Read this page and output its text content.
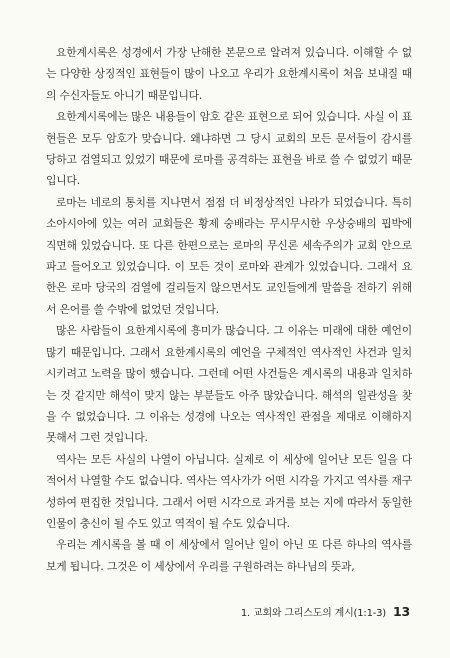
요한계시록은 성경에서 가장 난해한 본문으로 알려져 있습니다. 이해할 수 없는 다양한 상징적인 표현들이 많이 나오고 우리가 요한계시록이 처음 보내질 때의 수신자들도 아니기 때문입니다.

요한계시록에는 많은 내용들이 암호 같은 표현으로 되어 있습니다. 사실 이 표현들은 모두 암호가 맞습니다. 왜냐하면 그 당시 교회의 모든 문서들이 감시를 당하고 검열되고 있었기 때문에 로마를 공격하는 표현을 바로 쓸 수 없었기 때문입니다.

로마는 네로의 통치를 지나면서 점점 더 비정상적인 나라가 되었습니다. 특히 소아시아에 있는 여러 교회들은 황제 숭배라는 무시무시한 우상숭배의 핍박에 직면해 있었습니다. 또 다른 한편으로는 로마의 무신론 세속주의가 교회 안으로 파고 들어오고 있었습니다. 이 모든 것이 로마와 관계가 있었습니다. 그래서 요한은 로마 당국의 검열에 걸리들지 않으면서도 교인들에게 말씀을 전하기 위해서 은어를 쓸 수밖에 없었던 것입니다.

많은 사람들이 요한계시록에 흥미가 많습니다. 그 이유는 미래에 대한 예언이 많기 때문입니다. 그래서 요한계시록의 예언을 구체적인 역사적인 사건과 일치시키려고 노력을 많이 했습니다. 그런데 어떤 사건들은 계시록의 내용과 일치하는 것 같지만 해석이 맞지 않는 부분들도 아주 많았습니다. 해석의 일관성을 찾을 수 없었습니다. 그 이유는 성경에 나오는 역사적인 관점을 제대로 이해하지 못해서 그런 것입니다.

역사는 모든 사실의 나열이 아닙니다. 실제로 이 세상에 일어난 모든 일을 다 적어서 나열할 수도 없습니다. 역사는 역사가가 어떤 시각을 가지고 역사를 재구성하여 편집한 것입니다. 그래서 어떤 시각으로 과거를 보는 지에 따라서 동일한 인물이 충신이 될 수도 있고 역적이 될 수도 있습니다.

우리는 계시록을 볼 때 이 세상에서 일어난 일이 아닌 또 다른 하나의 역사를 보게 됩니다. 그것은 이 세상에서 우리를 구원하려는 하나님의 뜻과,

1. 교회와 그리스도의 계시(1:1-3) 13
